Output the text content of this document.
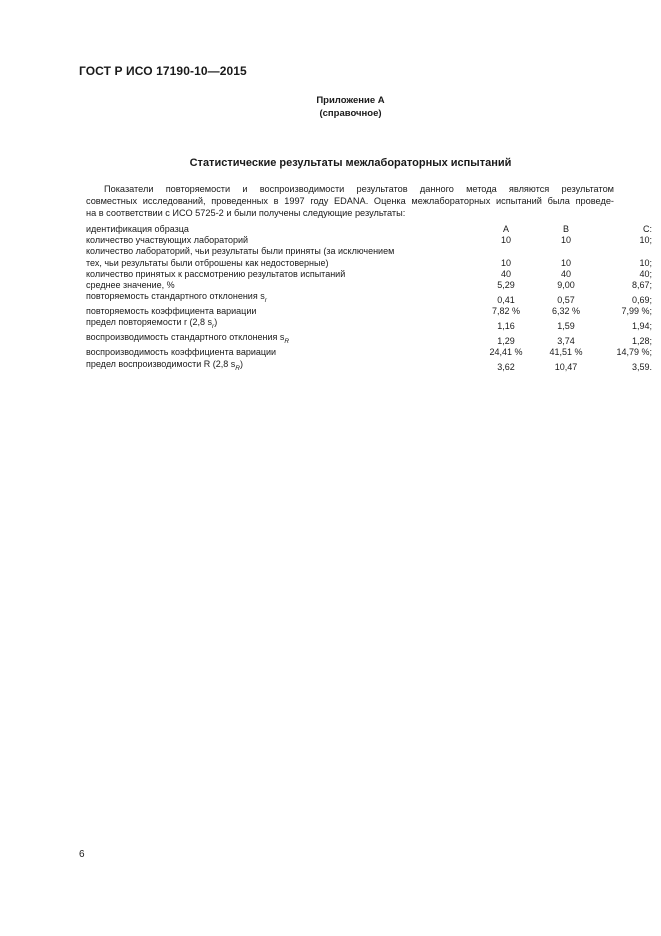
ГОСТ Р ИСО 17190-10—2015
Приложение А
(справочное)
Статистические результаты межлабораторных испытаний
Показатели повторяемости и воспроизводимости результатов данного метода являются результатом
совместных исследований, проведенных в 1997 году EDANA. Оценка межлабораторных испытаний была проведе-
на в соответствии с ИСО 5725-2 и были получены следующие результаты:
идентификация образца	А	В	С:
количество участвующих лабораторий	10	10	10;
количество лабораторий, чьи результаты были приняты (за исключением			
тех, чьи результаты были отброшены как недостоверные)	10	10	10;
количество принятых к рассмотрению результатов испытаний	40	40	40;
среднее значение, %	5,29	9,00	8,67;
повторяемость стандартного отклонения $s_r$	0,41	0,57	0,69;
повторяемость коэффициента вариации	7,82 %	6,32 %	7,99 %;
предел повторяемости r (2,8 $s_r$)	1,16	1,59	1,94;
воспроизводимость стандартного отклонения $s_R$	1,29	3,74	1,28;
воспроизводимость коэффициента вариации	24,41 %	41,51 %	14,79 %;
предел воспроизводимости R (2,8 $s_R$)	3,62	10,47	3,59.
6
